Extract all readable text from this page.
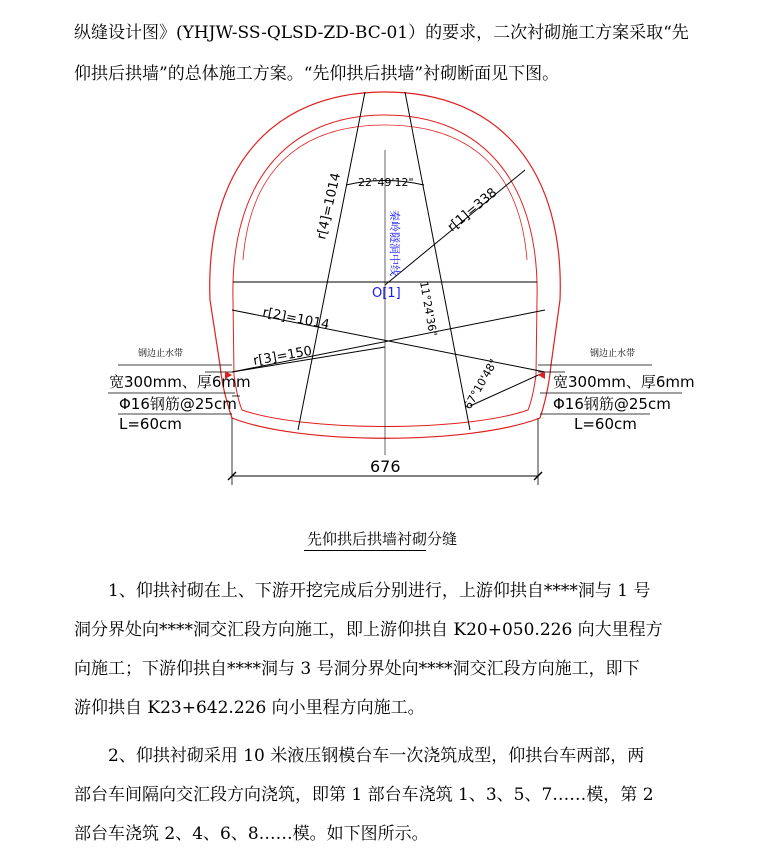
纵缝设计图》(YHJW-SS-QLSD-ZD-BC-01）的要求，二次衬砌施工方案采取“先
仰拱后拱墙”的总体施工方案。“先仰拱后拱墙”衬砌断面见下图。
22°49'12"
r[4]=1014	r[1]=338
r[2]=1014
r[3]=150
11°24'36"
67°10'48"
O[1]
秦岭隧洞中线
钢边止水带
宽300mm、厚6mm
Φ16钢筋@25cm
L=60cm
钢边止水带
宽300mm、厚6mm
Φ16钢筋@25cm
L=60cm
676
先仰拱后拱墙衬砌分缝
1、仰拱衬砌在上、下游开挖完成后分别进行，上游仰拱自****洞与 1 号
洞分界处向****洞交汇段方向施工，即上游仰拱自 K20+050.226 向大里程方
向施工；下游仰拱自****洞与 3 号洞分界处向****洞交汇段方向施工，即下
游仰拱自 K23+642.226 向小里程方向施工。
2、仰拱衬砌采用 10 米液压钢模台车一次浇筑成型，仰拱台车两部，两
部台车间隔向交汇段方向浇筑，即第 1 部台车浇筑 1、3、5、7……模，第 2
部台车浇筑 2、4、6、8……模。如下图所示。
